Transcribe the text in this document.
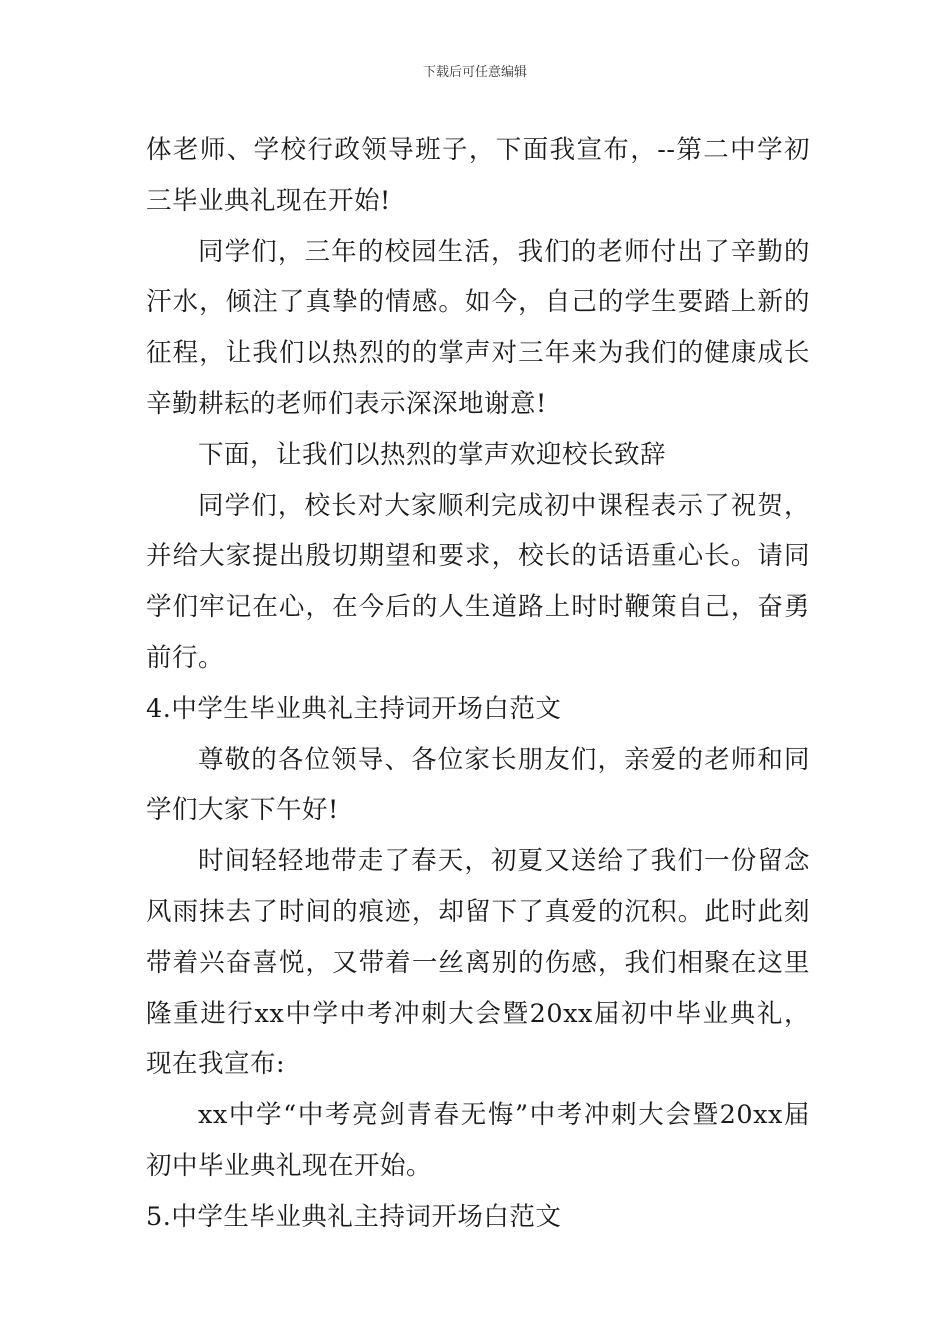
下载后可任意编辑

体老师、学校行政领导班子，下面我宣布，--第二中学初三毕业典礼现在开始!

同学们，三年的校园生活，我们的老师付出了辛勤的汗水，倾注了真挚的情感。如今，自己的学生要踏上新的征程，让我们以热烈的的掌声对三年来为我们的健康成长辛勤耕耘的老师们表示深深地谢意!

下面，让我们以热烈的掌声欢迎校长致辞

同学们，校长对大家顺利完成初中课程表示了祝贺，并给大家提出殷切期望和要求，校长的话语重心长。请同学们牢记在心，在今后的人生道路上时时鞭策自己，奋勇前行。

4.中学生毕业典礼主持词开场白范文

尊敬的各位领导、各位家长朋友们，亲爱的老师和同学们大家下午好!

时间轻轻地带走了春天，初夏又送给了我们一份留念风雨抹去了时间的痕迹，却留下了真爱的沉积。此时此刻带着兴奋喜悦，又带着一丝离别的伤感，我们相聚在这里隆重进行xx中学中考冲刺大会暨20xx届初中毕业典礼，现在我宣布:

xx中学“中考亮剑青春无悔”中考冲刺大会暨20xx届初中毕业典礼现在开始。

5.中学生毕业典礼主持词开场白范文
